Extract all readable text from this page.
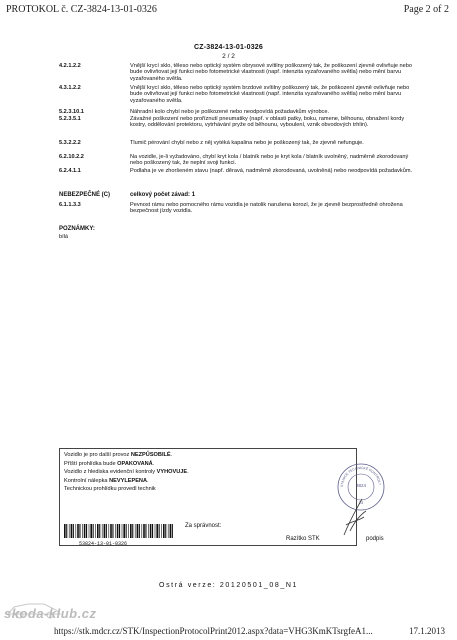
PROTOKOL č. CZ-3824-13-01-0326	Page 2 of 2
CZ-3824-13-01-0326
2 / 2
4.2.1.2.2	Vnější krycí sklo, těleso nebo optický systém obrysové svítilny poškozený tak, že poškození zjevně ovlivňuje nebo bude ovlivňovat její funkci nebo fotometrické vlastnosti (např. intenzita vyzařovaného světla) nebo mění barvu vyzařovaného světla.
4.3.1.2.2	Vnější krycí sklo, těleso nebo optický systém brzdové svítilny poškozený tak, že poškození zjevně ovlivňuje nebo bude ovlivňovat její funkci nebo fotometrické vlastnosti (např. intenzita vyzařovaného světla) nebo mění barvu vyzařovaného světla.
5.2.3.10.1	Náhradní kolo chybí nebo je poškozené nebo neodpovídá požadavkům výrobce.
5.2.3.5.1	Závažné poškození nebo proříznutí pneumatiky (např. v oblasti patky, boku, ramene, běhounu, obnažení kordy kostry, oddělování protektoru, vytrhávání pryže od běhounu, vyboulení, vznik obvodových trhlin).
5.3.2.2.2	Tlumič pérování chybí nebo z něj vytéká kapalina nebo je poškozený tak, že zjevně nefunguje.
6.2.10.2.2	Na vozidle, je-li vyžadováno, chybí kryt kola / blatník nebo je kryt kola / blatník uvolněný, nadměrně zkorodovaný nebo poškozený tak, že neplní svoji funkci.
6.2.4.1.1	Podlaha je ve zhoršeném stavu (např. děravá, nadměrně zkorodovaná, uvolněná) nebo neodpovídá požadavkům.
NEBEZPEČNÉ (C)	celkový počet závad: 1
6.1.1.3.3	Pevnost rámu nebo pomocného rámu vozidla je natolik narušena korozí, že je zjevně bezprostředně ohrožena bezpečnost jízdy vozidla.
POZNÁMKY:
bílá
Vozidlo je pro další provoz NEZPŮSOBILÉ.
Příští prohlídka bude OPAKOVANÁ.
Vozidlo z hlediska evidenční kontroly VYHOVUJE.
Kontrolní nálepka NEVYLEPENA.
Technickou prohlídku provedl technik
53824-13-01-0326
Za správnost:
STANICE TECHNICKÉ KONTROLY
3824
13
Razítko STK	podpis
Ostrá verze: 20120501_08_N1
skoda-klub.cz
https://stk.mdcr.cz/STK/InspectionProtocolPrint2012.aspx?data=VHG3KmKTsrgfeA1...	17.1.2013
